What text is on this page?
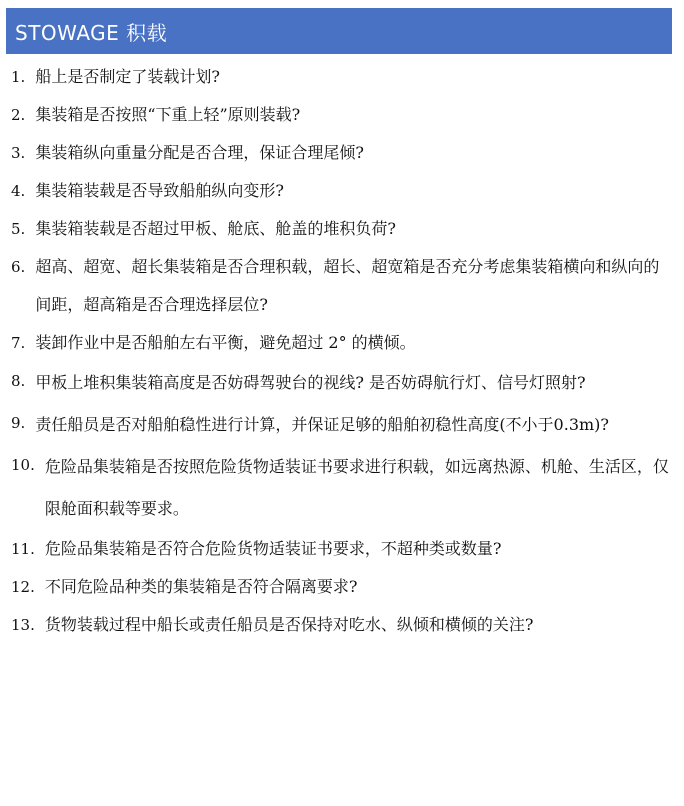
STOWAGE 积载
1. 船上是否制定了装载计划?
2. 集装箱是否按照“下重上轻”原则装载?
3. 集装箱纵向重量分配是否合理，保证合理尾倾?
4. 集装箱装载是否导致船舶纵向变形?
5. 集装箱装载是否超过甲板、舱底、舱盖的堆积负荷?
6. 超高、超宽、超长集装箱是否合理积载，超长、超宽箱是否充分考虑集装箱横向和纵向的间距，超高箱是否合理选择层位?
7. 装卸作业中是否船舶左右平衡，避免超过 2° 的横倾。
8. 甲板上堆积集装箱高度是否妨碍驾驶台的视线? 是否妨碍航行灯、信号灯照射?
9. 责任船员是否对船舶稳性进行计算，并保证足够的船舶初稳性高度(不小于0.3m)?
10. 危险品集装箱是否按照危险货物适装证书要求进行积载，如远离热源、机舱、生活区，仅限舱面积载等要求。
11. 危险品集装箱是否符合危险货物适装证书要求，不超种类或数量?
12. 不同危险品种类的集装箱是否符合隔离要求?
13. 货物装载过程中船长或责任船员是否保持对吃水、纵倾和横倾的关注?
